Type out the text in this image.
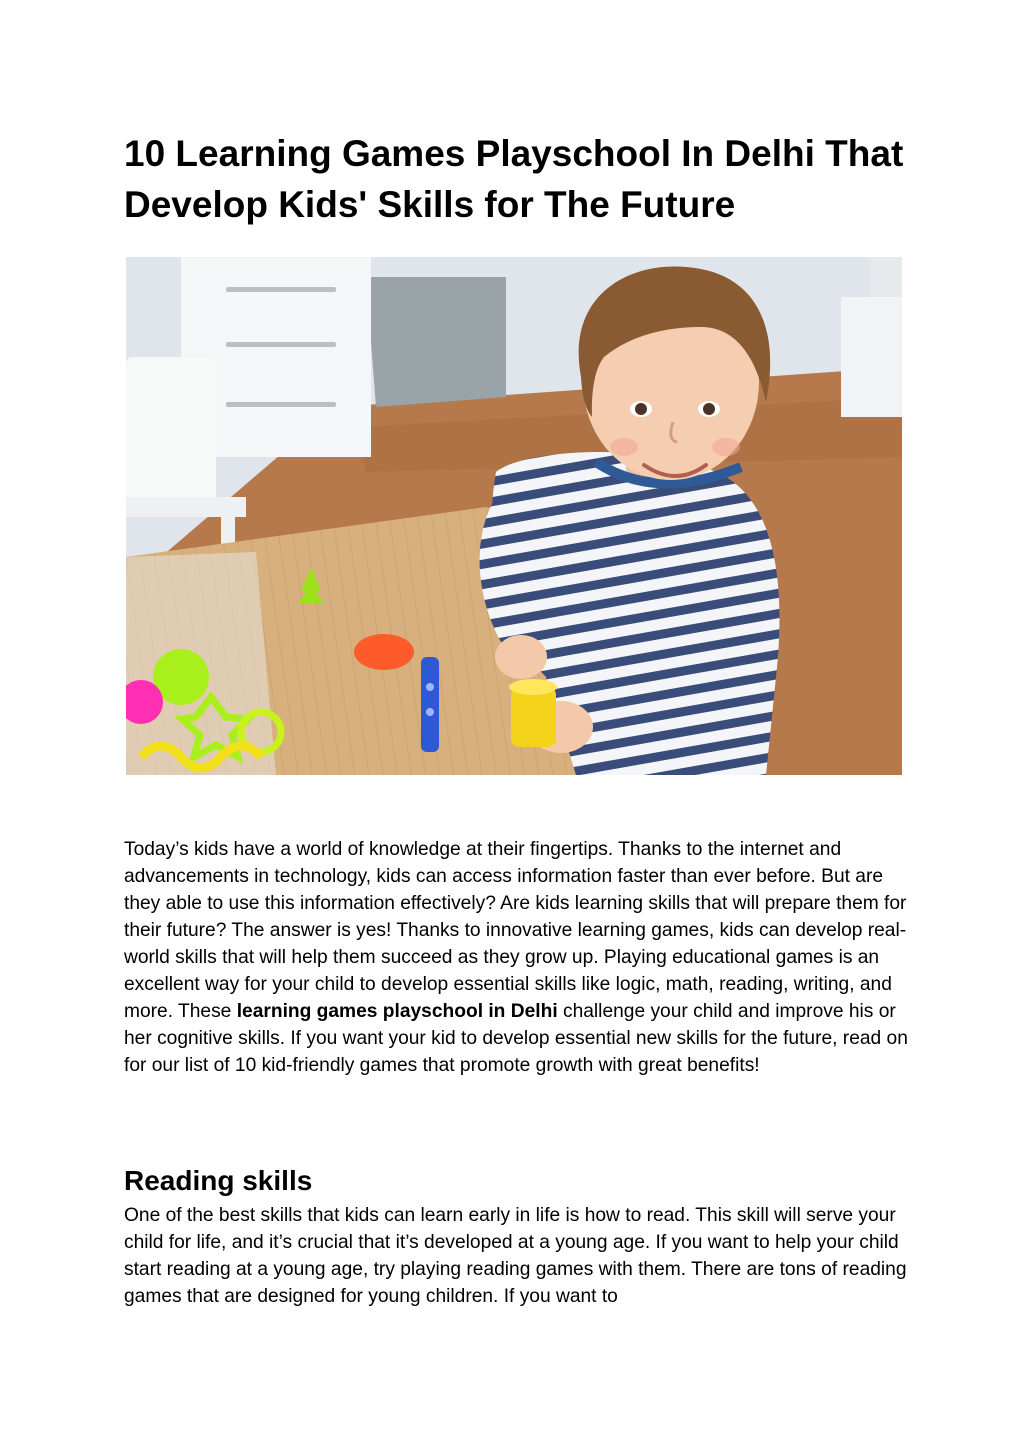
10 Learning Games Playschool In Delhi That Develop Kids' Skills for The Future

Today’s kids have a world of knowledge at their fingertips. Thanks to the internet and advancements in technology, kids can access information faster than ever before. But are they able to use this information effectively? Are kids learning skills that will prepare them for their future? The answer is yes! Thanks to innovative learning games, kids can develop real-world skills that will help them succeed as they grow up. Playing educational games is an excellent way for your child to develop essential skills like logic, math, reading, writing, and more. These learning games playschool in Delhi challenge your child and improve his or her cognitive skills. If you want your kid to develop essential new skills for the future, read on for our list of 10 kid-friendly games that promote growth with great benefits!

Reading skills

One of the best skills that kids can learn early in life is how to read. This skill will serve your child for life, and it’s crucial that it’s developed at a young age. If you want to help your child start reading at a young age, try playing reading games with them. There are tons of reading games that are designed for young children. If you want to
